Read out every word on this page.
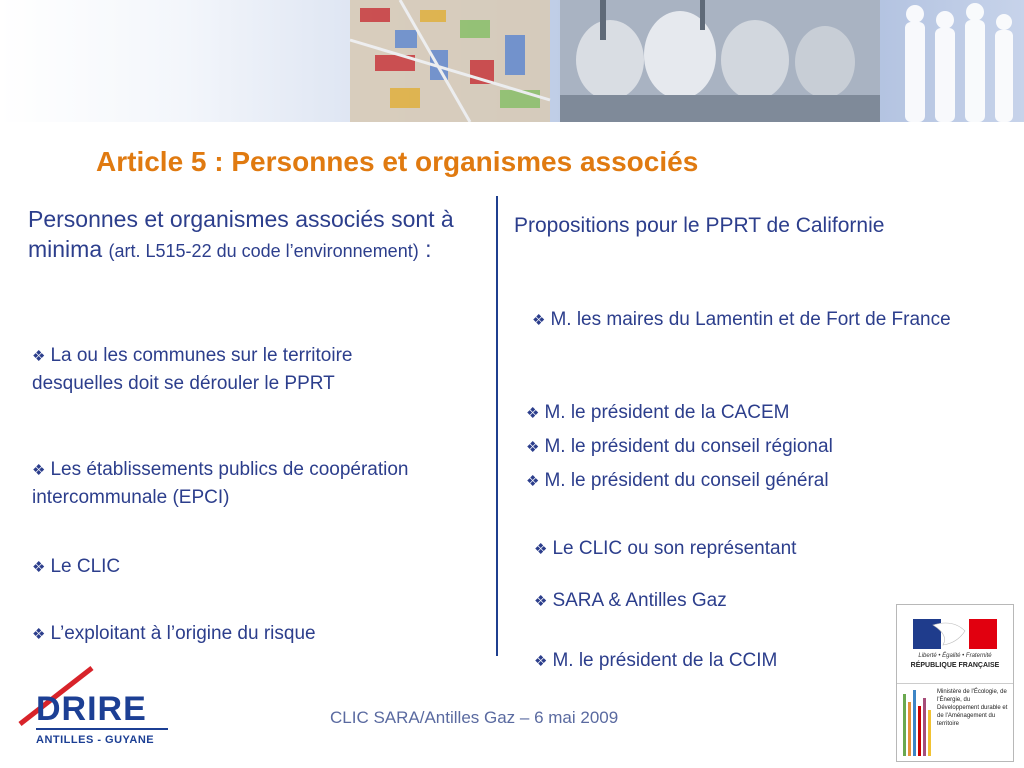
Article 5 : Personnes et organismes associés
Personnes et organismes associés sont à minima (art. L515-22 du code l’environnement) :
❖ La ou les communes sur le territoire desquelles doit se dérouler le PPRT
❖ Les établissements publics de coopération intercommunale (EPCI)
❖ Le CLIC
❖ L’exploitant à l’origine du risque
Propositions pour le PPRT de Californie
❖ M. les maires du Lamentin et de Fort de France
❖ M. le président de la CACEM
❖ M. le président du conseil régional
❖ M. le président du conseil général
❖ Le CLIC ou son représentant
❖ SARA & Antilles Gaz
❖ M. le président de la CCIM
CLIC SARA/Antilles Gaz – 6 mai 2009
DRIRE
ANTILLES - GUYANE
Liberté • Égalité • Fraternité
RÉPUBLIQUE FRANÇAISE
Ministère de l'Écologie, de l'Énergie, du Développement durable et de l'Aménagement du territoire
